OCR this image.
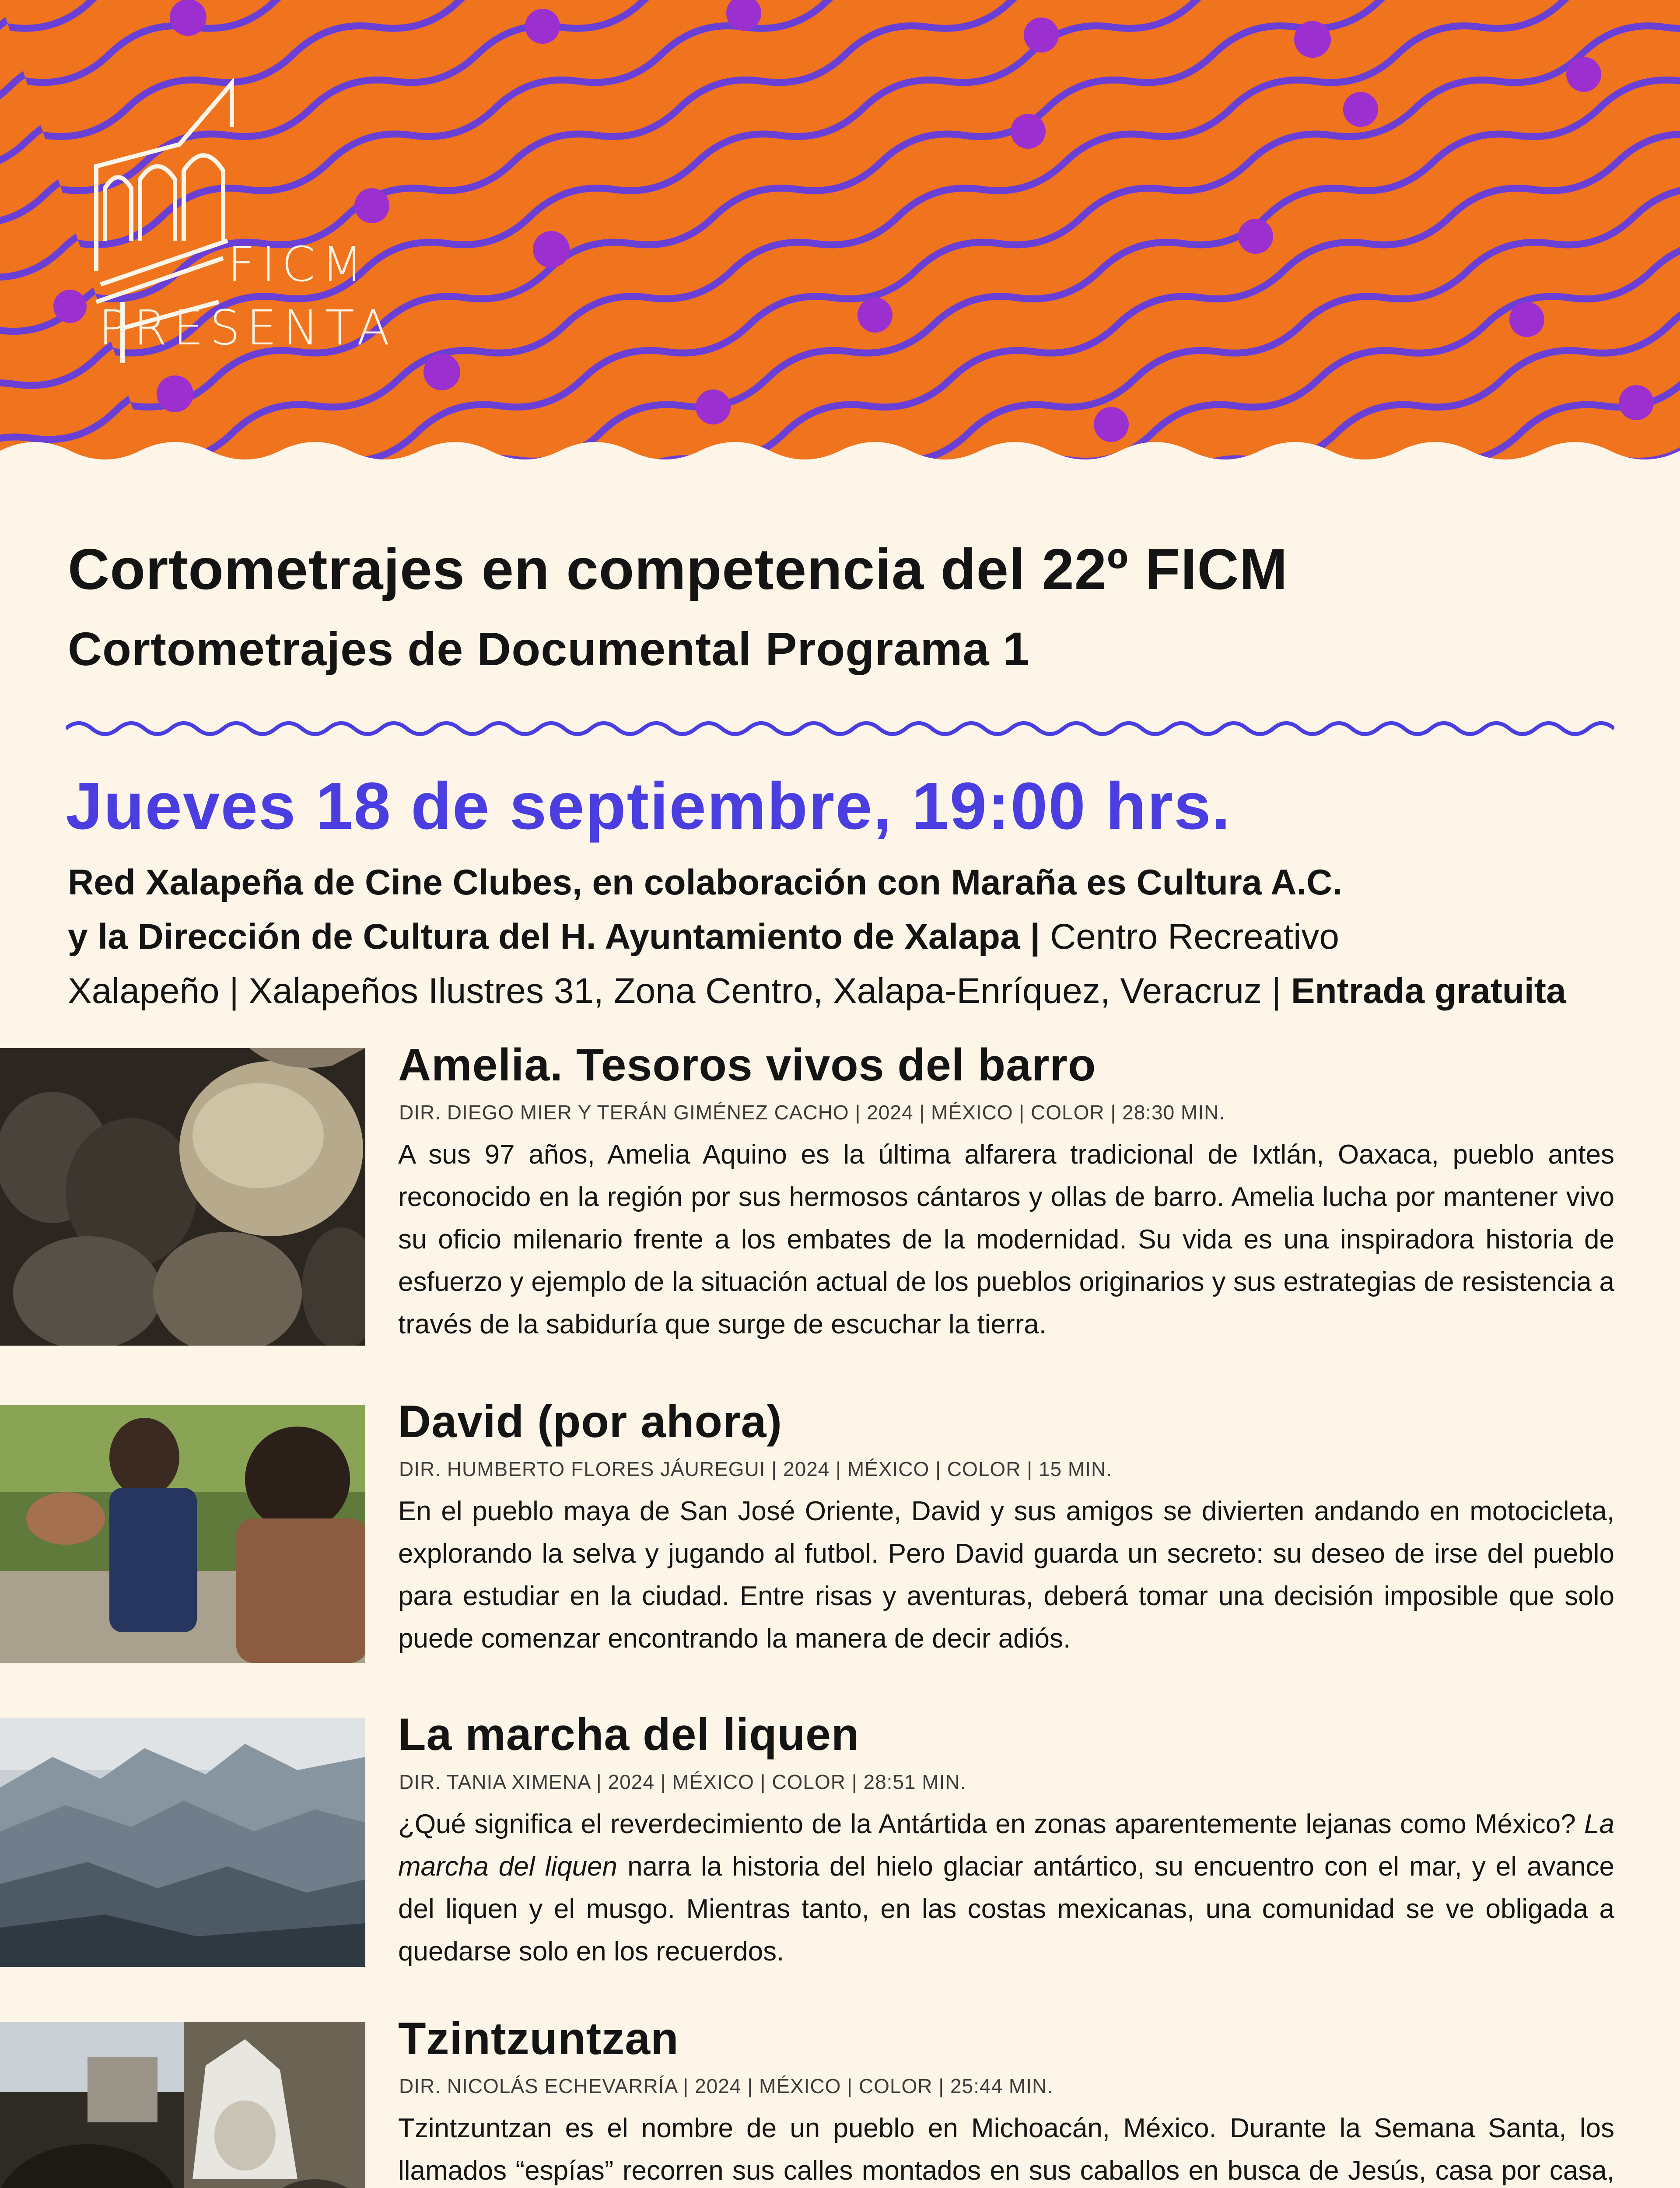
FICM
PRESENTA
Cortometrajes en competencia del 22º FICM
Cortometrajes de Documental Programa 1
Jueves 18 de septiembre, 19:00 hrs.
Red Xalapeña de Cine Clubes, en colaboración con Maraña es Cultura A.C.
y la Dirección de Cultura del H. Ayuntamiento de Xalapa | Centro Recreativo
Xalapeño | Xalapeños Ilustres 31, Zona Centro, Xalapa-Enríquez, Veracruz | Entrada gratuita
Amelia. Tesoros vivos del barro
DIR. DIEGO MIER Y TERÁN GIMÉNEZ CACHO | 2024 | MÉXICO | COLOR | 28:30 MIN.
A sus 97 años, Amelia Aquino es la última alfarera tradicional de Ixtlán, Oaxaca, pueblo antes reconocido en la región por sus hermosos cántaros y ollas de barro. Amelia lucha por mantener vivo su oficio milenario frente a los embates de la modernidad. Su vida es una inspiradora historia de esfuerzo y ejemplo de la situación actual de los pueblos originarios y sus estrategias de resistencia a través de la sabiduría que surge de escuchar la tierra.
David (por ahora)
DIR. HUMBERTO FLORES JÁUREGUI | 2024 | MÉXICO | COLOR | 15 MIN.
En el pueblo maya de San José Oriente, David y sus amigos se divierten andando en motocicleta, explorando la selva y jugando al futbol. Pero David guarda un secreto: su deseo de irse del pueblo para estudiar en la ciudad. Entre risas y aventuras, deberá tomar una decisión imposible que solo puede comenzar encontrando la manera de decir adiós.
La marcha del liquen
DIR. TANIA XIMENA | 2024 | MÉXICO | COLOR | 28:51 MIN.
¿Qué significa el reverdecimiento de la Antártida en zonas aparentemente lejanas como México? La marcha del liquen narra la historia del hielo glaciar antártico, su encuentro con el mar, y el avance del liquen y el musgo. Mientras tanto, en las costas mexicanas, una comunidad se ve obligada a quedarse solo en los recuerdos.
Tzintzuntzan
DIR. NICOLÁS ECHEVARRÍA | 2024 | MÉXICO | COLOR | 25:44 MIN.
Tzintzuntzan es el nombre de un pueblo en Michoacán, México. Durante la Semana Santa, los llamados “espías” recorren sus calles montados en sus caballos en busca de Jesús, casa por casa,
